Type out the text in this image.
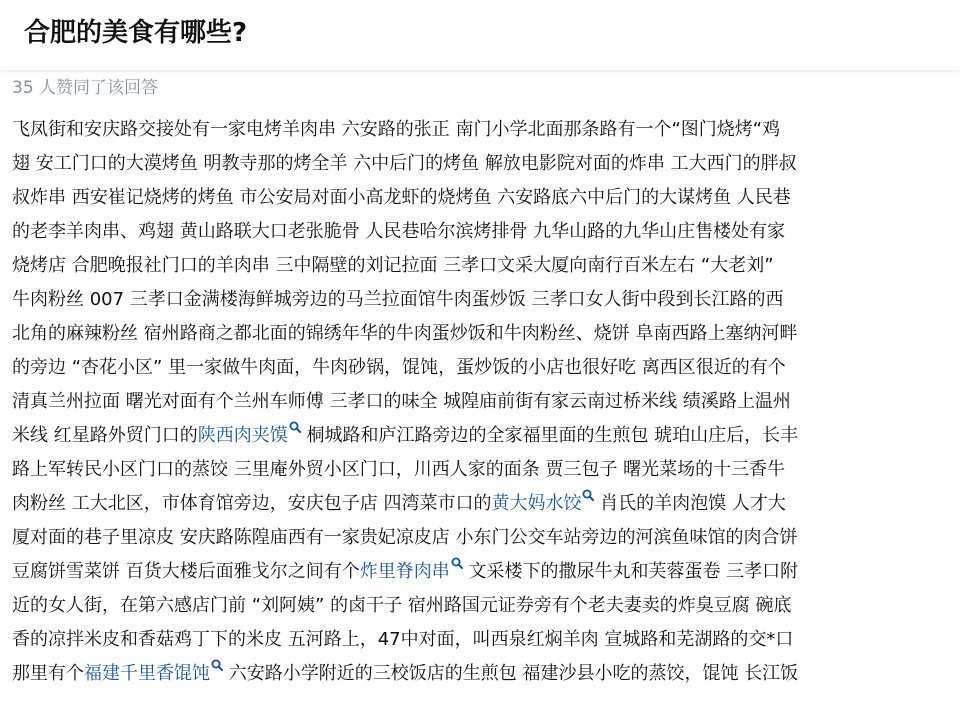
合肥的美食有哪些?
35 人赞同了该回答
飞凤街和安庆路交接处有一家电烤羊肉串 六安路的张正 南门小学北面那条路有一个“图门烧烤“鸡
翅 安工门口的大漠烤鱼 明教寺那的烤全羊 六中后门的烤鱼 解放电影院对面的炸串 工大西门的胖叔
叔炸串 西安崔记烧烤的烤鱼 市公安局对面小高龙虾的烧烤鱼 六安路底六中后门的大谋烤鱼 人民巷
的老李羊肉串、鸡翅 黄山路联大口老张脆骨 人民巷哈尔滨烤排骨 九华山路的九华山庄售楼处有家
烧烤店 合肥晚报社门口的羊肉串 三中隔壁的刘记拉面 三孝口文采大厦向南行百米左右 “大老刘”
牛肉粉丝 007 三孝口金满楼海鲜城旁边的马兰拉面馆牛肉蛋炒饭 三孝口女人街中段到长江路的西
北角的麻辣粉丝 宿州路商之都北面的锦绣年华的牛肉蛋炒饭和牛肉粉丝、烧饼 阜南西路上塞纳河畔
的旁边 “杏花小区” 里一家做牛肉面，牛肉砂锅，馄饨，蛋炒饭的小店也很好吃 离西区很近的有个
清真兰州拉面 曙光对面有个兰州车师傅 三孝口的味全 城隍庙前街有家云南过桥米线 绩溪路上温州
米线 红星路外贸门口的陕西肉夹馍
桐城路和庐江路旁边的全家福里面的生煎包 琥珀山庄后，长丰
路上军转民小区门口的蒸饺 三里庵外贸小区门口，川西人家的面条 贾三包子 曙光菜场的十三香牛
肉粉丝 工大北区，市体育馆旁边，安庆包子店 四湾菜市口的黄大妈水饺
肖氏的羊肉泡馍 人才大
厦对面的巷子里凉皮 安庆路陈隍庙西有一家贵妃凉皮店 小东门公交车站旁边的河滨鱼味馆的肉合饼
豆腐饼雪菜饼 百货大楼后面雅戈尔之间有个炸里脊肉串
文采楼下的撒尿牛丸和芙蓉蛋卷 三孝口附
近的女人街，在第六感店门前 “刘阿姨” 的卤干子 宿州路国元证券旁有个老夫妻卖的炸臭豆腐 碗底
香的凉拌米皮和香菇鸡丁下的米皮 五河路上，47中对面，叫西泉红焖羊肉 宣城路和芜湖路的交*口
那里有个福建千里香馄饨
六安路小学附近的三校饭店的生煎包 福建沙县小吃的蒸饺，馄饨 长江饭
